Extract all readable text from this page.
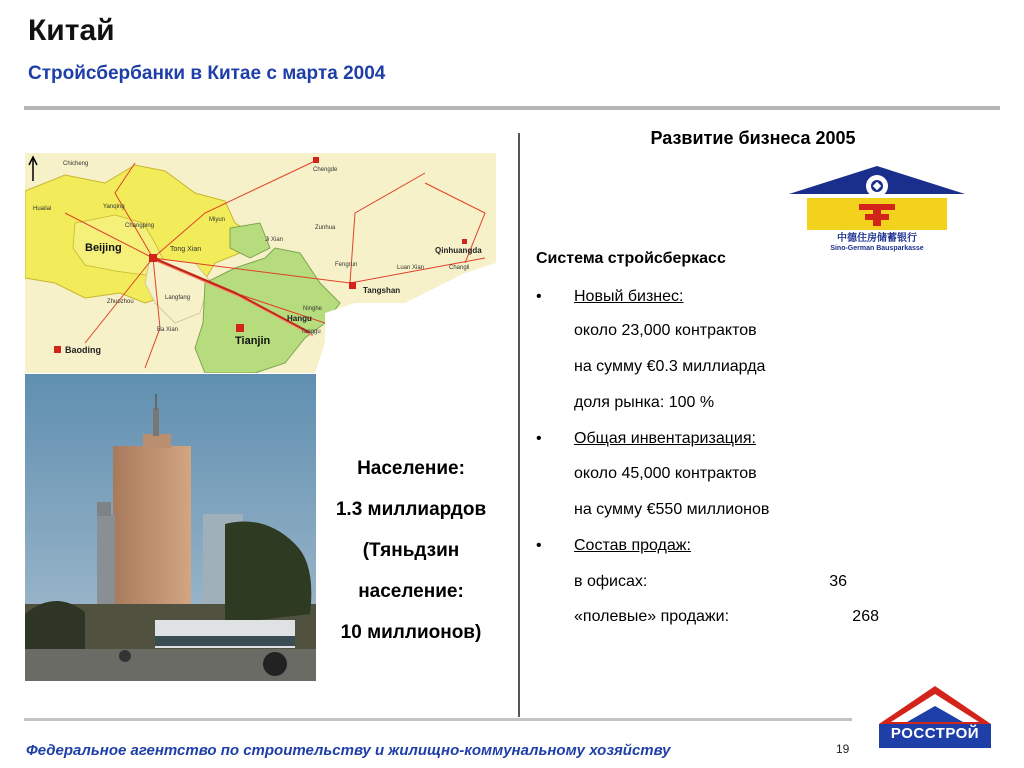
Китай
Стройсбербанки в Китае с марта 2004
Chicheng
Chengde
Huailai	Yanqing
Changping
Miyun
Zunhua
Ji Xian
Beijing	Tong Xian	Qinhuangda
Fengrun	Luan Xian	Changli
Langfang
Tangshan
Zhuozhou
Ninghe
Hangu
Tanggu
Ba Xian
Tianjin
Baoding
Население:
1.3 миллиардов
(Тяньдзин
население:
10 миллионов)
Развитие бизнеса 2005
中德住房储蓄银行
Sino-German Bausparkasse
Система стройсберкасс
• Новый бизнес:
около 23,000 контрактов
на сумму €0.3 миллиарда
доля рынка: 100 %
• Общая инвентаризация:
около 45,000 контрактов
на сумму €550 миллионов
• Состав продаж:
в офисах:	36
«полевые» продажи:	268
Федеральное агентство по строительству и жилищно-коммунальному хозяйству	19
РОССТРОЙ
